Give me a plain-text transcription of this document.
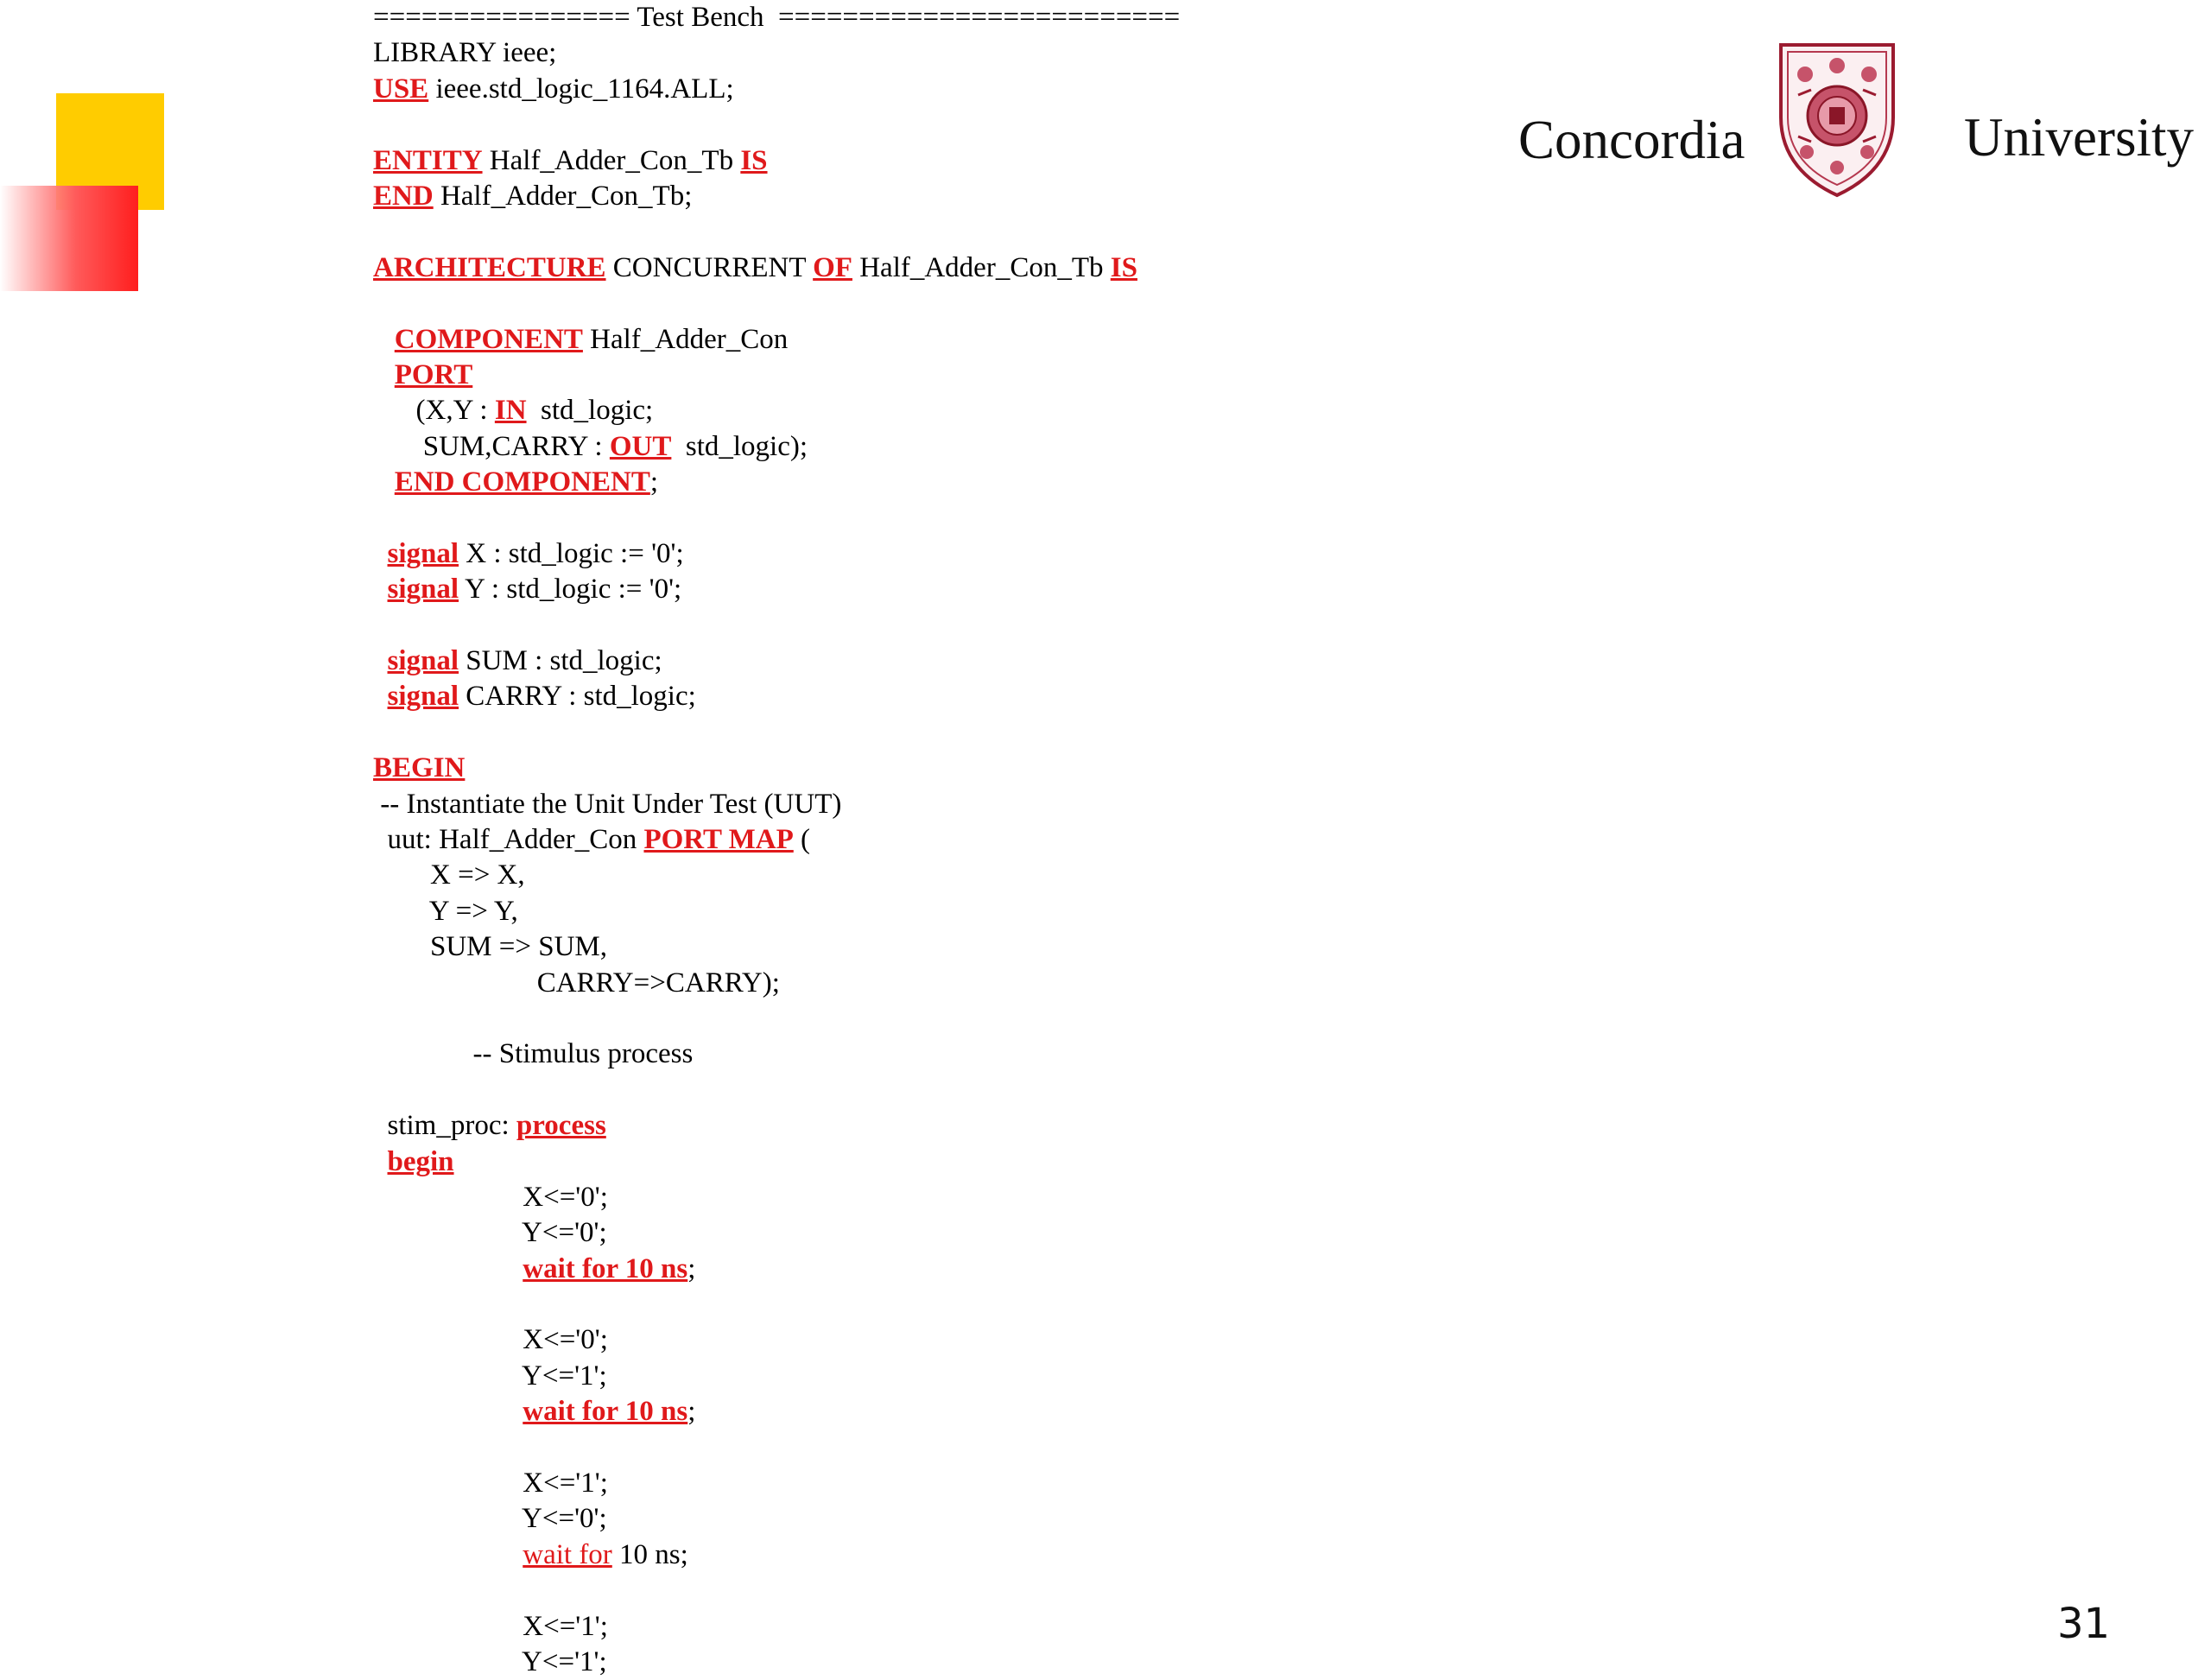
================ Test Bench  =========================
LIBRARY ieee;
USE ieee.std_logic_1164.ALL;
ENTITY Half_Adder_Con_Tb IS
END Half_Adder_Con_Tb;
ARCHITECTURE CONCURRENT OF Half_Adder_Con_Tb IS
COMPONENT Half_Adder_Con
PORT
(X,Y : IN  std_logic;
SUM,CARRY : OUT  std_logic);
END COMPONENT;
signal X : std_logic := '0';
signal Y : std_logic := '0';
signal SUM : std_logic;
signal CARRY : std_logic;
BEGIN
-- Instantiate the Unit Under Test (UUT)
uut: Half_Adder_Con PORT MAP (
X => X,
Y => Y,
SUM => SUM,
CARRY=>CARRY);
-- Stimulus process
stim_proc: process
begin
X<='0';
Y<='0';
wait for 10 ns;
X<='0';
Y<='1';
wait for 10 ns;
X<='1';
Y<='0';
wait for 10 ns;
X<='1';
Y<='1';
Concordia	University
31
